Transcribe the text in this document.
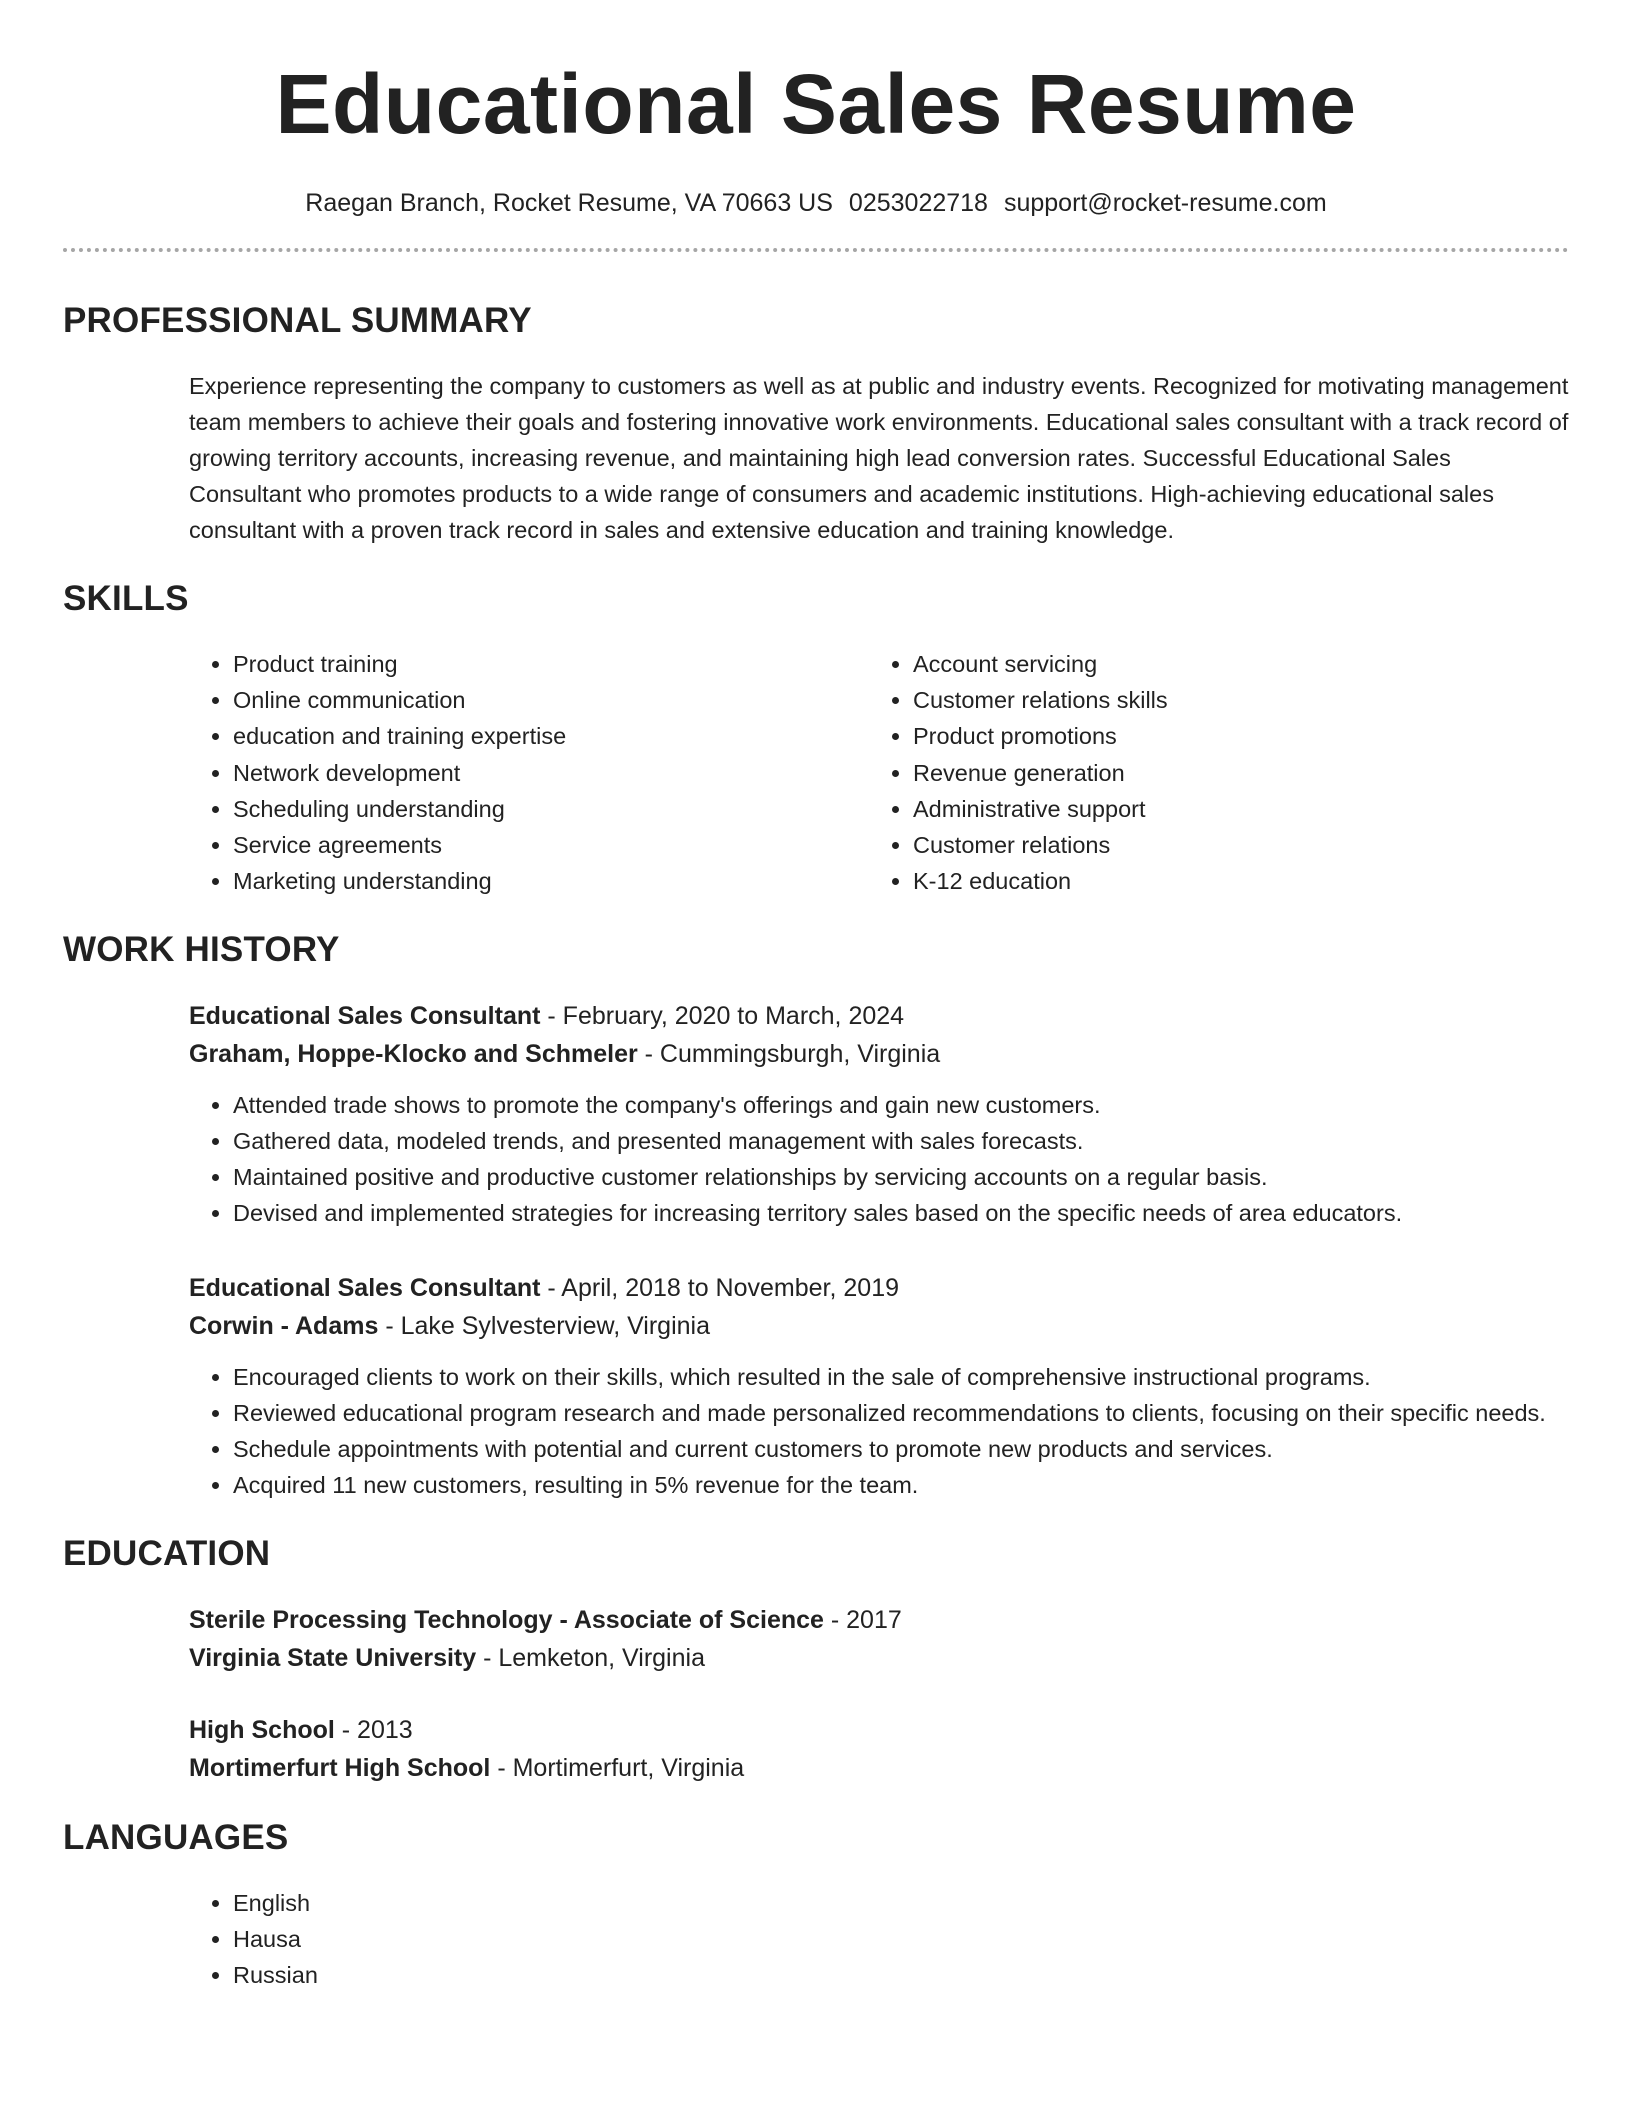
Educational Sales Resume
Raegan Branch, Rocket Resume, VA 70663 US 0253022718 support@rocket-resume.com
PROFESSIONAL SUMMARY
Experience representing the company to customers as well as at public and industry events. Recognized for motivating management team members to achieve their goals and fostering innovative work environments. Educational sales consultant with a track record of growing territory accounts, increasing revenue, and maintaining high lead conversion rates. Successful Educational Sales Consultant who promotes products to a wide range of consumers and academic institutions. High-achieving educational sales consultant with a proven track record in sales and extensive education and training knowledge.
SKILLS
• Product training
• Online communication
• education and training expertise
• Network development
• Scheduling understanding
• Service agreements
• Marketing understanding
• Account servicing
• Customer relations skills
• Product promotions
• Revenue generation
• Administrative support
• Customer relations
• K-12 education
WORK HISTORY
Educational Sales Consultant - February, 2020 to March, 2024
Graham, Hoppe-Klocko and Schmeler - Cummingsburgh, Virginia
• Attended trade shows to promote the company's offerings and gain new customers.
• Gathered data, modeled trends, and presented management with sales forecasts.
• Maintained positive and productive customer relationships by servicing accounts on a regular basis.
• Devised and implemented strategies for increasing territory sales based on the specific needs of area educators.
Educational Sales Consultant - April, 2018 to November, 2019
Corwin - Adams - Lake Sylvesterview, Virginia
• Encouraged clients to work on their skills, which resulted in the sale of comprehensive instructional programs.
• Reviewed educational program research and made personalized recommendations to clients, focusing on their specific needs.
• Schedule appointments with potential and current customers to promote new products and services.
• Acquired 11 new customers, resulting in 5% revenue for the team.
EDUCATION
Sterile Processing Technology - Associate of Science - 2017
Virginia State University - Lemketon, Virginia
High School - 2013
Mortimerfurt High School - Mortimerfurt, Virginia
LANGUAGES
• English
• Hausa
• Russian
